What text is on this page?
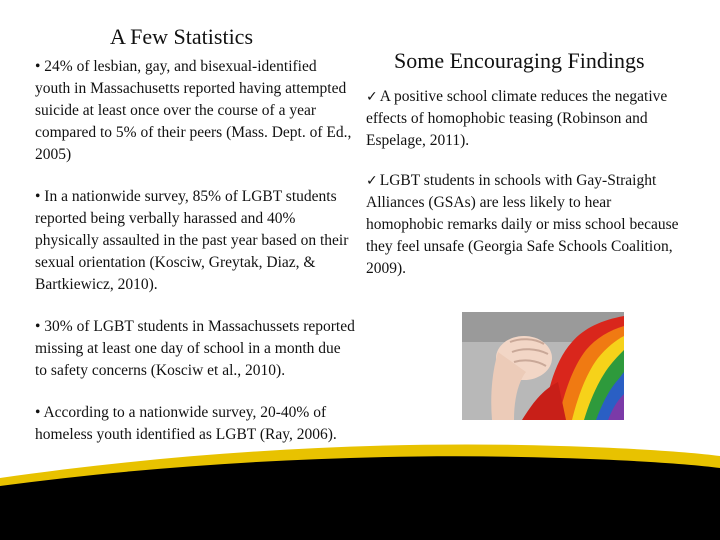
A Few Statistics

• 24% of lesbian, gay, and bisexual-identified youth in Massachusetts reported having attempted suicide at least once over the course of a year compared to 5% of their peers (Mass. Dept. of Ed., 2005)

• In a nationwide survey, 85% of LGBT students reported being verbally harassed and 40% physically assaulted in the past year based on their sexual orientation (Kosciw, Greytak, Diaz, & Bartkiewicz, 2010).

• 30% of LGBT students in Massachussets reported missing at least one day of school in a month due to safety concerns (Kosciw et al., 2010).

• According to a nationwide survey, 20-40% of homeless youth identified as LGBT (Ray, 2006).

Some Encouraging Findings

✓ A positive school climate reduces the negative effects of homophobic teasing (Robinson and Espelage, 2011).

✓ LGBT students in schools with Gay-Straight Alliances (GSAs) are less likely to hear homophobic remarks daily or miss school because they feel unsafe (Georgia Safe Schools Coalition, 2009).
